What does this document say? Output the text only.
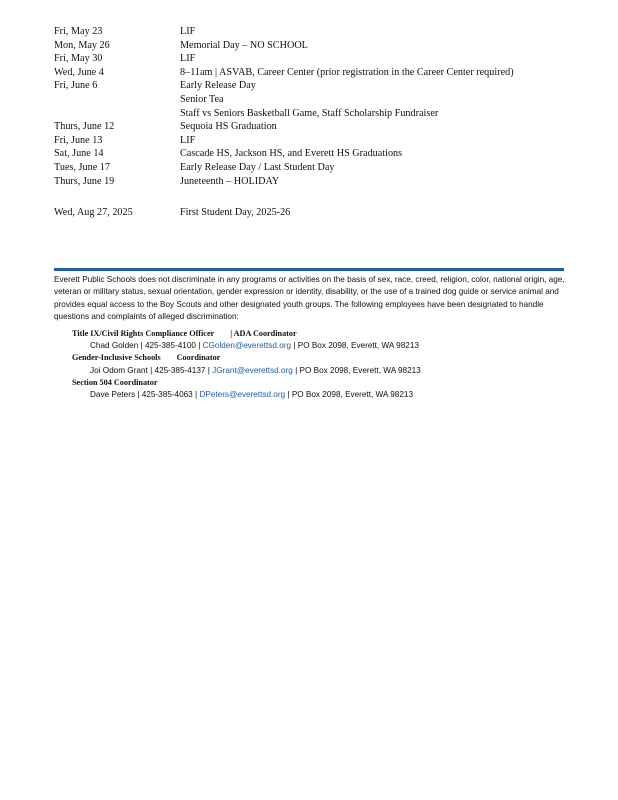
Fri, May 23	LIF
Mon, May 26	Memorial Day – NO SCHOOL
Fri, May 30	LIF
Wed, June 4	8–11am | ASVAB, Career Center (prior registration in the Career Center required)
Fri, June 6	Early Release Day
Senior Tea
Staff vs Seniors Basketball Game, Staff Scholarship Fundraiser
Thurs, June 12	Sequoia HS Graduation
Fri, June 13	LIF
Sat, June 14	Cascade HS, Jackson HS, and Everett HS Graduations
Tues, June 17	Early Release Day / Last Student Day
Thurs, June 19	Juneteenth – HOLIDAY
Wed, Aug 27, 2025	First Student Day, 2025-26
Everett Public Schools does not discriminate in any programs or activities on the basis of sex, race, creed, religion, color, national origin, age, veteran or military status, sexual orientation, gender expression or identity, disability, or the use of a trained dog guide or service animal and provides equal access to the Boy Scouts and other designated youth groups. The following employees have been designated to handle questions and complaints of alleged discrimination:
Title IX/Civil Rights Compliance Officer | ADA Coordinator
Chad Golden | 425-385-4100 | CGolden@everettsd.org | PO Box 2098, Everett, WA 98213
Gender-Inclusive Schools Coordinator
Joi Odom Grant | 425-385-4137 | JGrant@everettsd.org | PO Box 2098, Everett, WA 98213
Section 504 Coordinator
Dave Peters | 425-385-4063 | DPeters@everettsd.org | PO Box 2098, Everett, WA 98213
